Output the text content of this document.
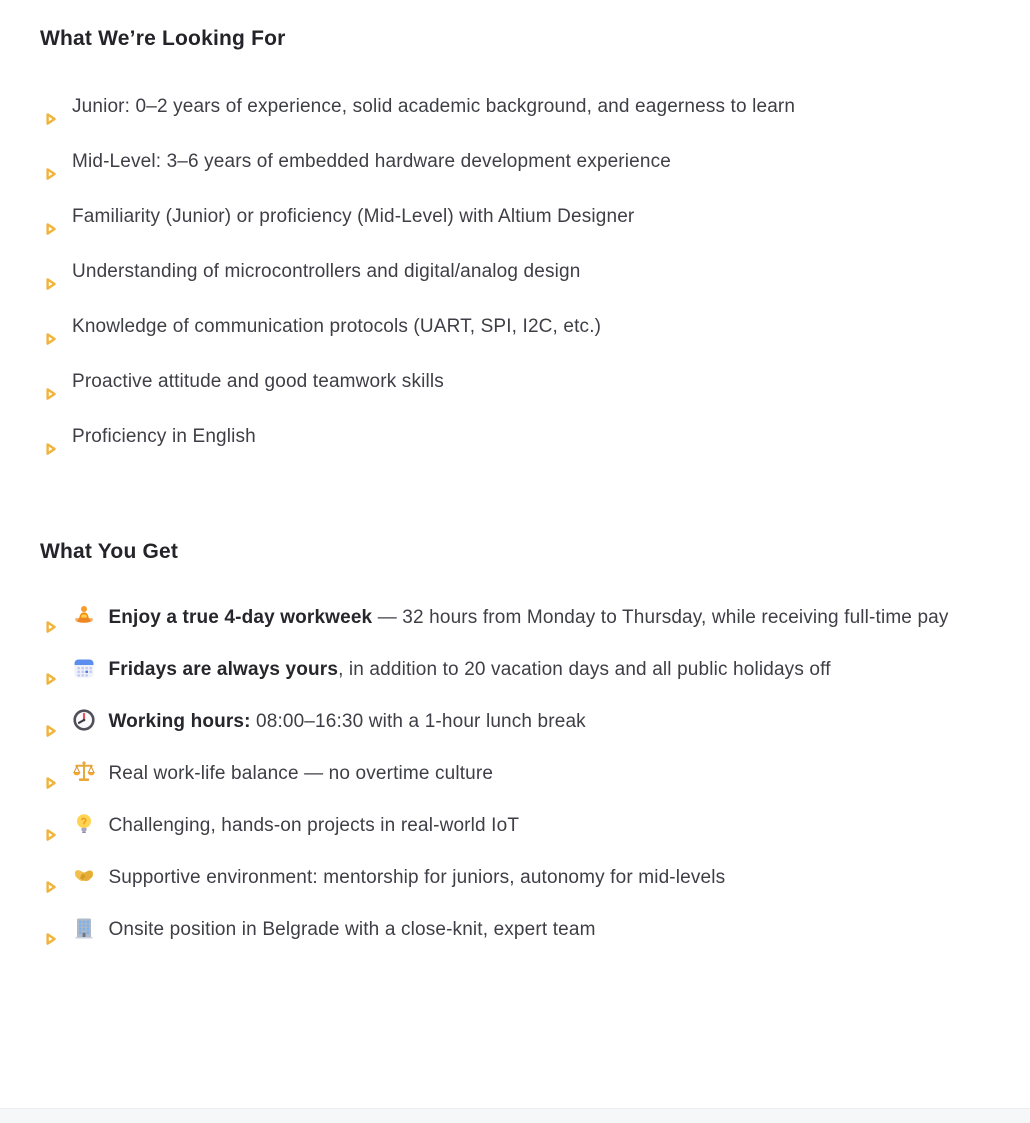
What We’re Looking For
Junior: 0–2 years of experience, solid academic background, and eagerness to learn
Mid-Level: 3–6 years of embedded hardware development experience
Familiarity (Junior) or proficiency (Mid-Level) with Altium Designer
Understanding of microcontrollers and digital/analog design
Knowledge of communication protocols (UART, SPI, I2C, etc.)
Proactive attitude and good teamwork skills
Proficiency in English
What You Get
Enjoy a true 4-day workweek — 32 hours from Monday to Thursday, while receiving full-time pay
Fridays are always yours, in addition to 20 vacation days and all public holidays off
Working hours: 08:00–16:30 with a 1-hour lunch break
Real work-life balance — no overtime culture
Challenging, hands-on projects in real-world IoT
Supportive environment: mentorship for juniors, autonomy for mid-levels
Onsite position in Belgrade with a close-knit, expert team
